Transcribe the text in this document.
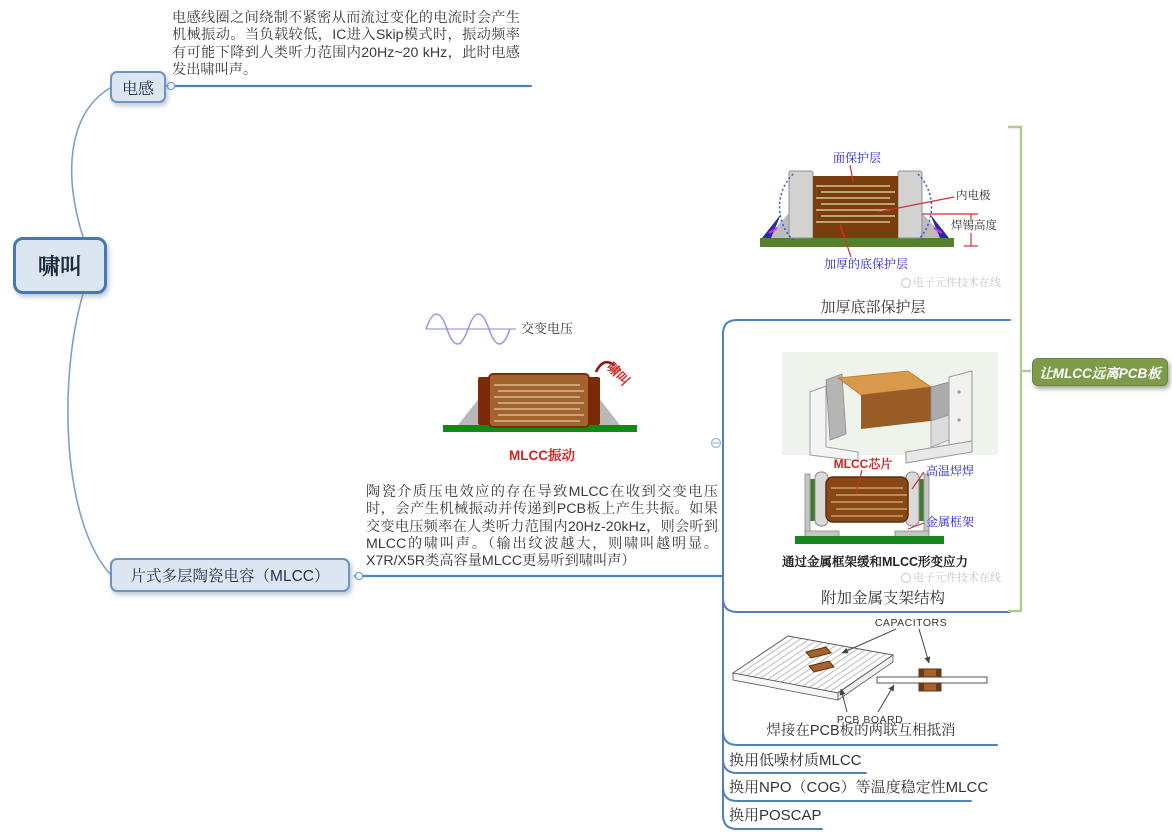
啸叫
电感
片式多层陶瓷电容（MLCC）
电感线圈之间绕制不紧密从而流过变化的电流时会产生机械振动。当负载较低，IC进入Skip模式时，振动频率有可能下降到人类听力范围内20Hz~20 kHz，此时电感发出啸叫声。
陶瓷介质压电效应的存在导致MLCC在收到交变电压时，会产生机械振动并传递到PCB板上产生共振。如果交变电压频率在人类听力范围内20Hz-20kHz，则会听到MLCC的啸叫声。（输出纹波越大，则啸叫越明显。 X7R/X5R类高容量MLCC更易听到啸叫声）
交变电压
啸叫
MLCC振动
面保护层
内电极
焊锡高度
加厚的底保护层
电子元件技术在线
加厚底部保护层
附加金属支架结构
焊接在PCB板的两联互相抵消
换用低噪材质MLCC
换用NPO（COG）等温度稳定性MLCC
换用POSCAP
MLCC芯片	高温焊焊
金属框架
通过金属框架缓和MLCC形变应力
电子元件技术在线
CAPACITORS
PCB BOARD
让MLCC远离PCB板
